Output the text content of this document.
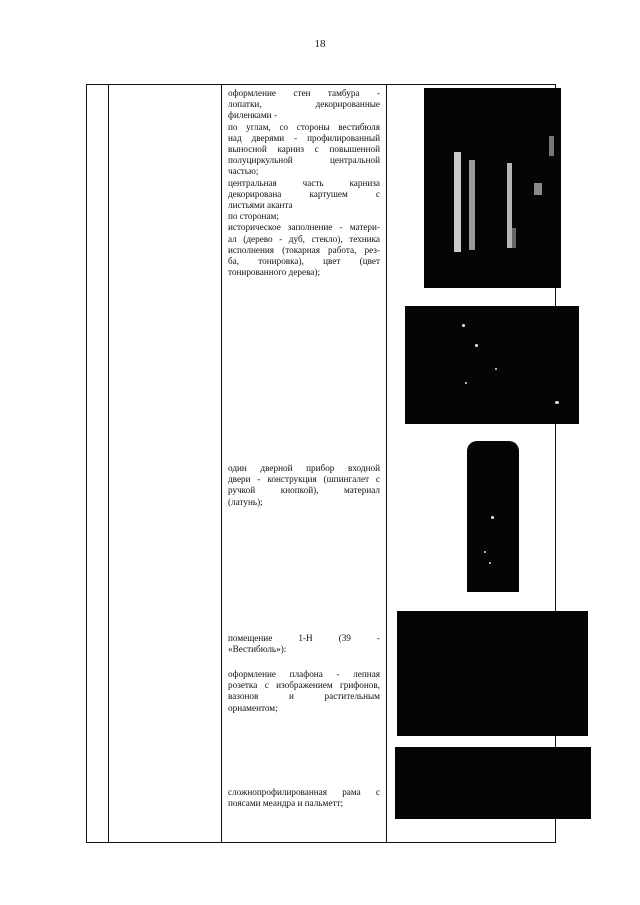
18

оформление стен тамбура -

лопатки, декорированные

филенками -

по углам, со стороны вестибюля

над дверями - профилированный

выносной карниз с повышенной

полуциркульной центральной

частью;

центральная часть карниза

декорирована картушем с

листьями аканта

по сторонам;

историческое заполнение - матери-

ал (дерево - дуб, стекло), техника

исполнения (токарная работа, рез-

ба, тонировка), цвет (цвет

тонированного дерева);

один дверной прибор входной

двери - конструкция (шпингалет с

ручкой кнопкой), материал

(латунь);

помещение 1-Н (39 -

«Вестибюль»):

оформление плафона - лепная

розетка с изображением грифонов,

вазонов и растительным

орнаментом;

сложнопрофилированная рама с

поясами меандра и пальметт;
